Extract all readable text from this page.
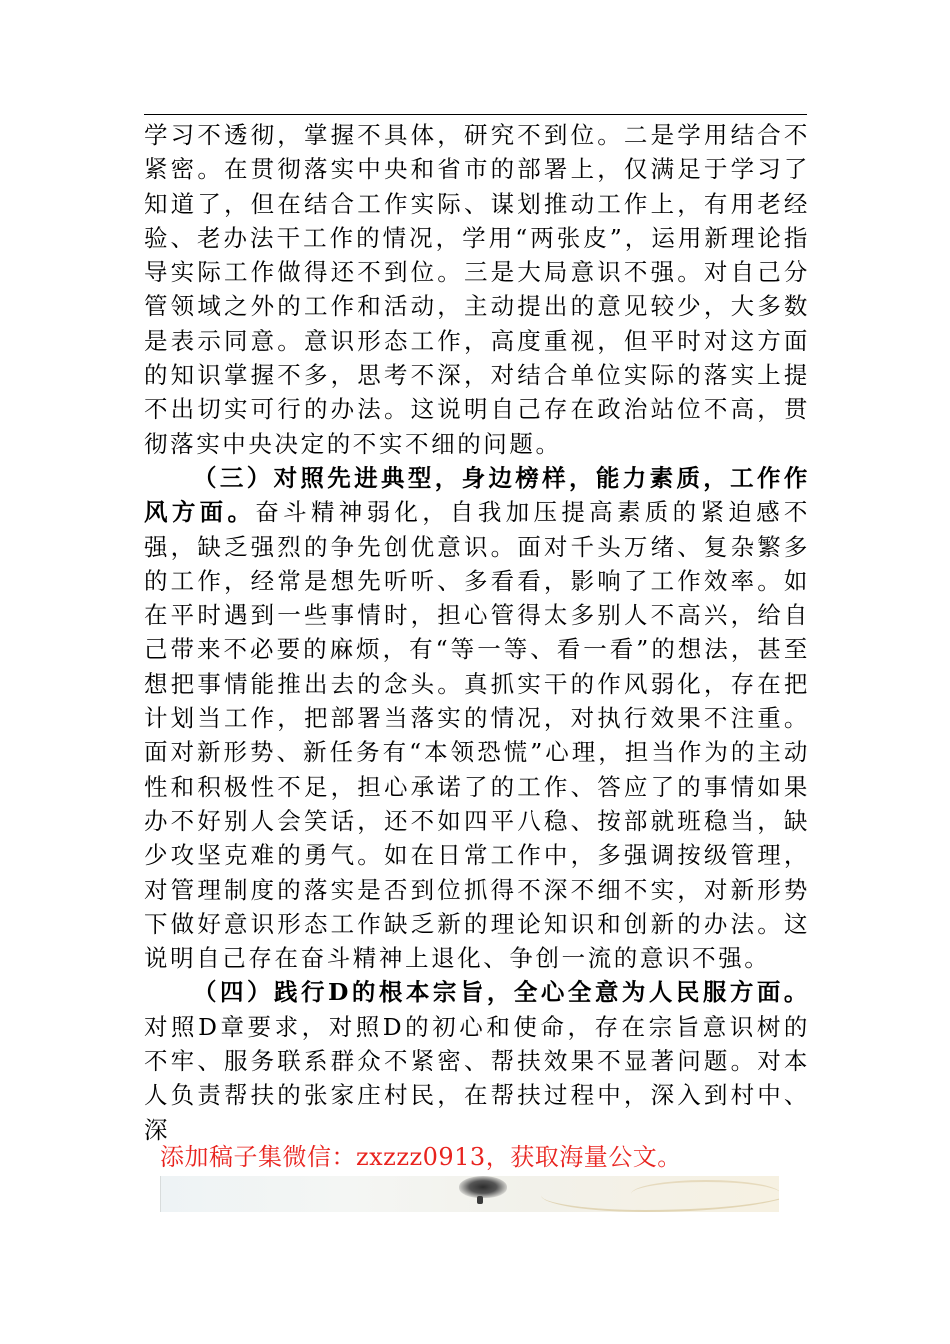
学习不透彻，掌握不具体，研究不到位。二是学用结合不紧密。在贯彻落实中央和省市的部署上，仅满足于学习了知道了，但在结合工作实际、谋划推动工作上，有用老经验、老办法干工作的情况，学用“两张皮”，运用新理论指导实际工作做得还不到位。三是大局意识不强。对自己分管领域之外的工作和活动，主动提出的意见较少，大多数是表示同意。意识形态工作，高度重视，但平时对这方面的知识掌握不多，思考不深，对结合单位实际的落实上提不出切实可行的办法。这说明自己存在政治站位不高，贯彻落实中央决定的不实不细的问题。

（三）对照先进典型，身边榜样，能力素质，工作作风方面。奋斗精神弱化，自我加压提高素质的紧迫感不强，缺乏强烈的争先创优意识。面对千头万绪、复杂繁多的工作，经常是想先听听、多看看，影响了工作效率。如在平时遇到一些事情时，担心管得太多别人不高兴，给自己带来不必要的麻烦，有“等一等、看一看”的想法，甚至想把事情能推出去的念头。真抓实干的作风弱化，存在把计划当工作，把部署当落实的情况，对执行效果不注重。面对新形势、新任务有“本领恐慌”心理，担当作为的主动性和积极性不足，担心承诺了的工作、答应了的事情如果办不好别人会笑话，还不如四平八稳、按部就班稳当，缺少攻坚克难的勇气。如在日常工作中，多强调按级管理，对管理制度的落实是否到位抓得不深不细不实，对新形势下做好意识形态工作缺乏新的理论知识和创新的办法。这说明自己存在奋斗精神上退化、争创一流的意识不强。

（四）践行D的根本宗旨，全心全意为人民服方面。对照D章要求，对照D的初心和使命，存在宗旨意识树的不牢、服务联系群众不紧密、帮扶效果不显著问题。对本人负责帮扶的张家庄村民，在帮扶过程中，深入到村中、深

添加稿子集微信：zxzzz0913，获取海量公文。
